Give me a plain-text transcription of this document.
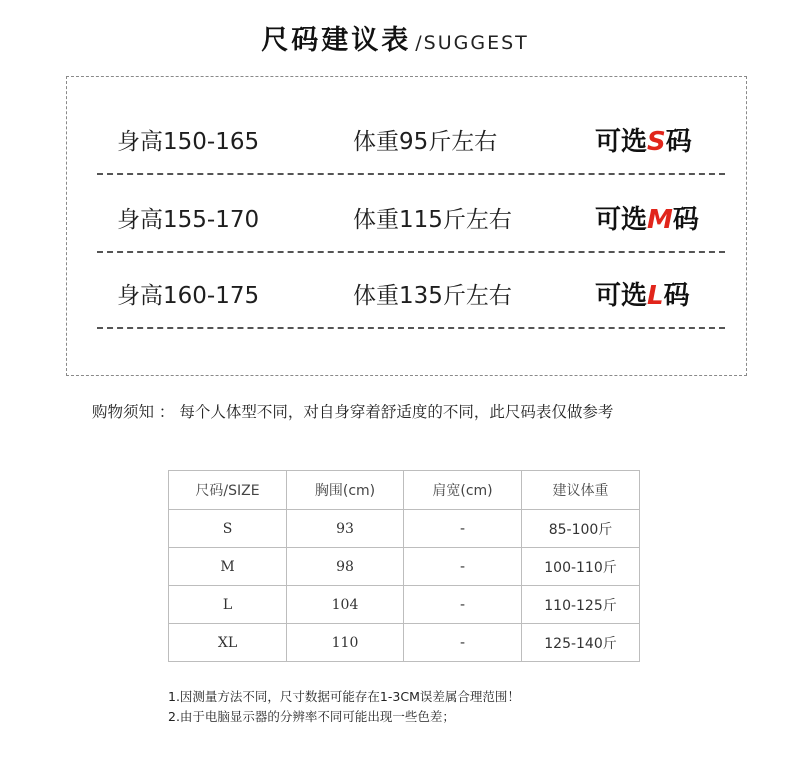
尺码建议表 /SUGGEST
身高150-165	体重95斤左右	可选S码
身高155-170	体重115斤左右	可选M码
身高160-175	体重135斤左右	可选L码
购物须知 ： 每个人体型不同，对自身穿着舒适度的不同，此尺码表仅做参考
尺码/SIZE	胸围(cm)	肩宽(cm)	建议体重
S	93	-	85-100斤
M	98	-	100-110斤
L	104	-	110-125斤
XL	110	-	125-140斤
1.因测量方法不同，尺寸数据可能存在1-3CM误差属合理范围！
2.由于电脑显示器的分辨率不同可能出现一些色差；
